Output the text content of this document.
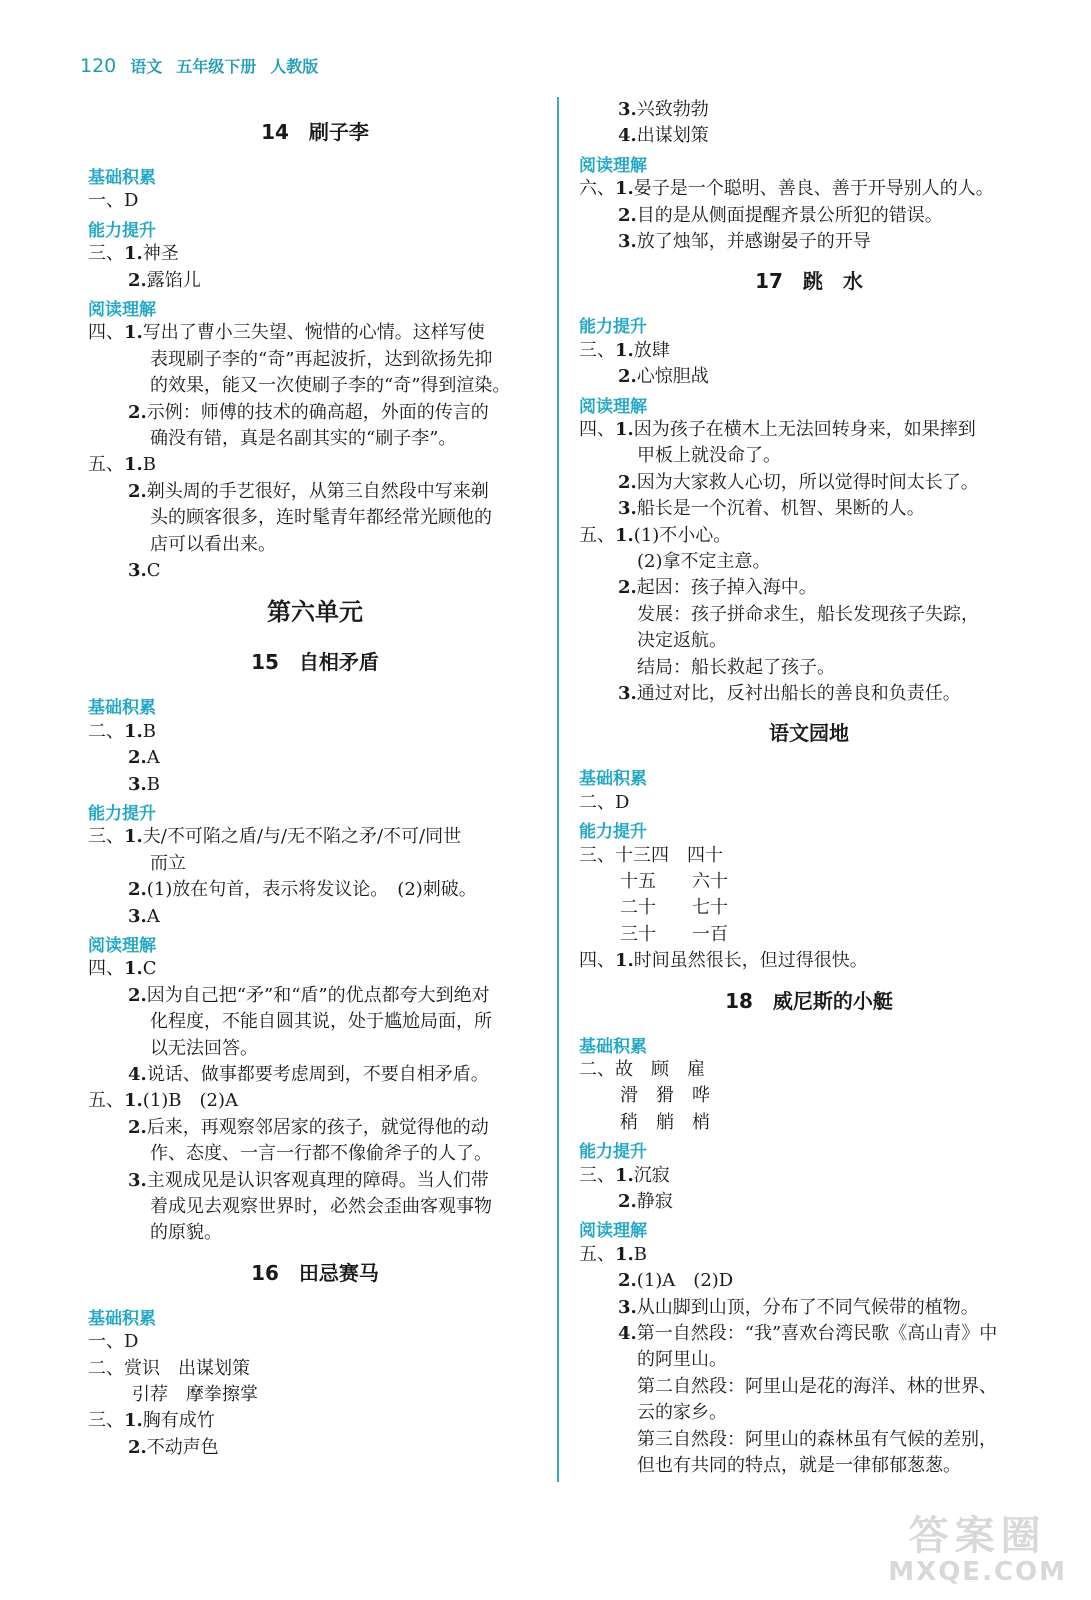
120 语文 五年级下册 人教版
14　刷子李
基础积累
一、D
能力提升
三、1.神圣
2.露馅儿
阅读理解
四、1.写出了曹小三失望、惋惜的心情。这样写使
表现刷子李的“奇”再起波折，达到欲扬先抑
的效果，能又一次使刷子李的“奇”得到渲染。
2.示例：师傅的技术的确高超，外面的传言的
确没有错，真是名副其实的“刷子李”。
五、1.B
2.剃头周的手艺很好，从第三自然段中写来剃
头的顾客很多，连时髦青年都经常光顾他的
店可以看出来。
3.C
第六单元
15　自相矛盾
基础积累
二、1.B
2.A
3.B
能力提升
三、1.夫/不可陷之盾/与/无不陷之矛/不可/同世
而立
2.(1)放在句首，表示将发议论。　(2)刺破。
3.A
阅读理解
四、1.C
2.因为自己把“矛”和“盾”的优点都夸大到绝对
化程度，不能自圆其说，处于尴尬局面，所
以无法回答。
4.说话、做事都要考虑周到，不要自相矛盾。
五、1.(1)B　(2)A
2.后来，再观察邻居家的孩子，就觉得他的动
作、态度、一言一行都不像偷斧子的人了。
3.主观成见是认识客观真理的障碍。当人们带
着成见去观察世界时，必然会歪曲客观事物
的原貌。
16　田忌赛马
基础积累
一、D
二、赏识　出谋划策
引荐　摩拳擦掌
三、1.胸有成竹
2.不动声色
3.兴致勃勃
4.出谋划策
阅读理解
六、1.晏子是一个聪明、善良、善于开导别人的人。
2.目的是从侧面提醒齐景公所犯的错误。
3.放了烛邹，并感谢晏子的开导
17　跳　水
能力提升
三、1.放肆
2.心惊胆战
阅读理解
四、1.因为孩子在横木上无法回转身来，如果摔到
甲板上就没命了。
2.因为大家救人心切，所以觉得时间太长了。
3.船长是一个沉着、机智、果断的人。
五、1.(1)不小心。
(2)拿不定主意。
2.起因：孩子掉入海中。
发展：孩子拼命求生，船长发现孩子失踪，
决定返航。
结局：船长救起了孩子。
3.通过对比，反衬出船长的善良和负责任。
语文园地
基础积累
二、D
能力提升
三、十三四　四十
十五　　六十
二十　　七十
三十　　一百
四、1.时间虽然很长，但过得很快。
18　威尼斯的小艇
基础积累
二、故　顾　雇
滑　猾　哗
稍　艄　梢
能力提升
三、1.沉寂
2.静寂
阅读理解
五、1.B
2.(1)A　(2)D
3.从山脚到山顶，分布了不同气候带的植物。
4.第一自然段：“我”喜欢台湾民歌《高山青》中
的阿里山。
第二自然段：阿里山是花的海洋、林的世界、
云的家乡。
第三自然段：阿里山的森林虽有气候的差别，
但也有共同的特点，就是一律郁郁葱葱。
答案圈
MXQE.COM
